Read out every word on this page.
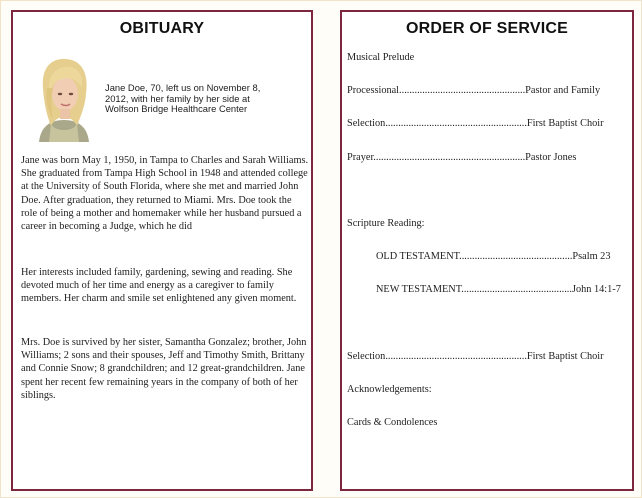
OBITUARY
Jane Doe, 70, left us on November 8, 2012, with her family by her side at Wolfson Bridge Healthcare Center
Jane was born May 1, 1950, in Tampa to Charles and Sarah Williams. She graduated from Tampa High School in 1948 and attended college at the University of South Florida, where she met and married John Doe. After graduation, they returned to Miami. Mrs. Doe took the role of being a mother and homemaker while her husband pursued a career in becoming a Judge, which he did
Her interests included family, gardening, sewing and reading. She devoted much of her time and energy as a caregiver to family members. Her charm and smile set enlightened any given moment.
Mrs. Doe is survived by her sister, Samantha Gonzalez; brother, John Williams; 2 sons and their spouses, Jeff and Timothy Smith, Brittany and Connie Snow; 8 grandchildren; and 12 great-grandchildren. Jane spent her recent few remaining years in the company of both of her siblings.
ORDER OF SERVICE
Musical Prelude
Processional.................................................Pastor and Family
Selection.......................................................First Baptist Choir
Prayer...........................................................Pastor Jones
Scripture Reading:
OLD TESTAMENT............................................Psalm 23
NEW TESTAMENT...........................................John 14:1-7
Selection.......................................................First Baptist Choir
Acknowledgements:
Cards & Condolences
